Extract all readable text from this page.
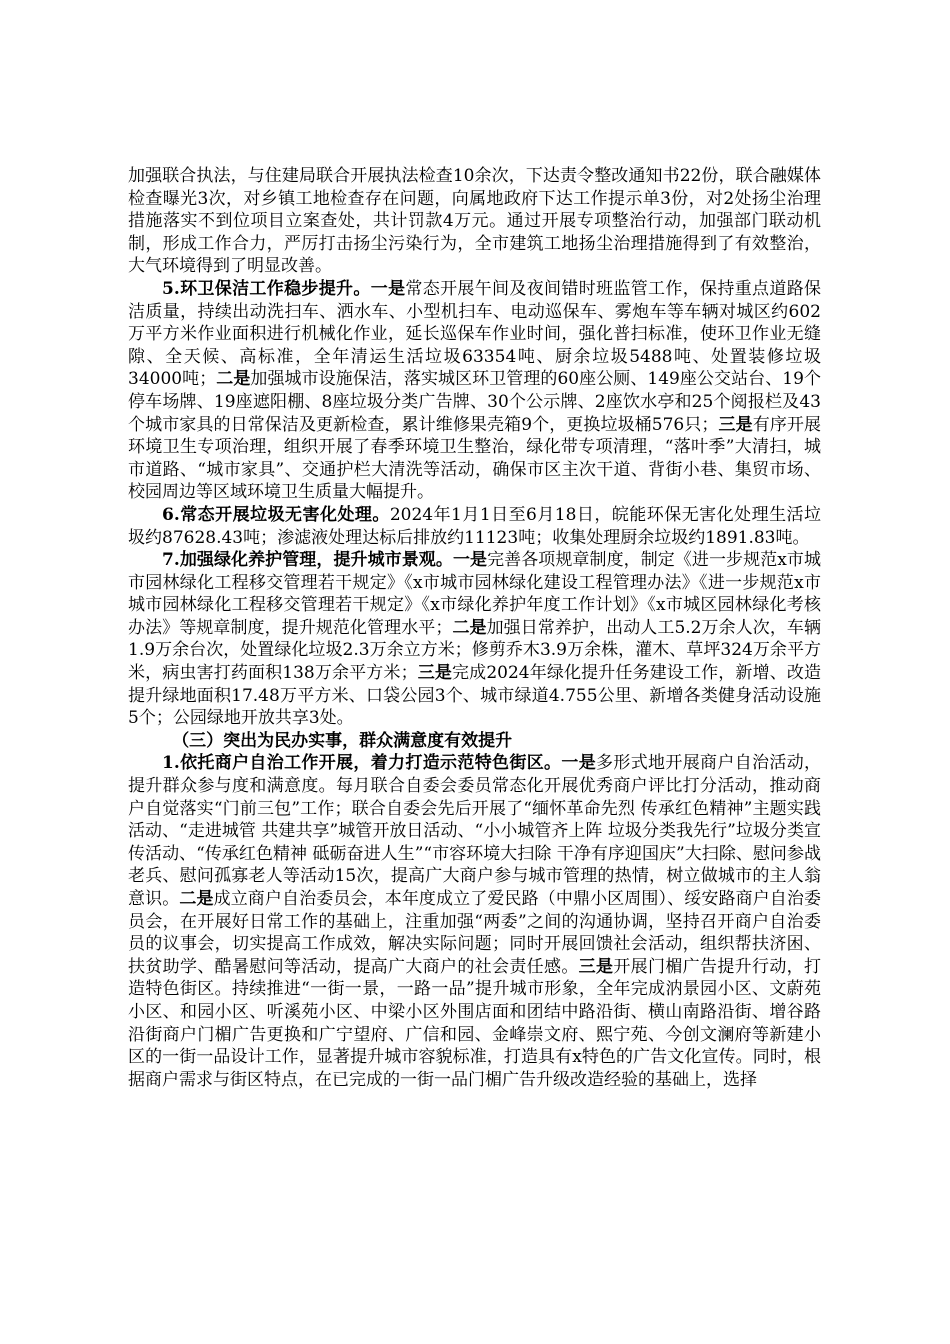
加强联合执法，与住建局联合开展执法检查10余次，下达责令整改通知书22份，联合融媒体检查曝光3次，对乡镇工地检查存在问题，向属地政府下达工作提示单3份，对2处扬尘治理措施落实不到位项目立案查处，共计罚款4万元。通过开展专项整治行动，加强部门联动机制，形成工作合力，严厉打击扬尘污染行为，全市建筑工地扬尘治理措施得到了有效整治，大气环境得到了明显改善。

5.环卫保洁工作稳步提升。一是常态开展午间及夜间错时班监管工作，保持重点道路保洁质量，持续出动洗扫车、洒水车、小型机扫车、电动巡保车、雾炮车等车辆对城区约602万平方米作业面积进行机械化作业，延长巡保车作业时间，强化普扫标准，使环卫作业无缝隙、全天候、高标准，全年清运生活垃圾63354吨、厨余垃圾5488吨、处置装修垃圾34000吨；二是加强城市设施保洁，落实城区环卫管理的60座公厕、149座公交站台、19个停车场牌、19座遮阳棚、8座垃圾分类广告牌、30个公示牌、2座饮水亭和25个阅报栏及43个城市家具的日常保洁及更新检查，累计维修果壳箱9个，更换垃圾桶576只；三是有序开展环境卫生专项治理，组织开展了春季环境卫生整治，绿化带专项清理，“落叶季”大清扫，城市道路、“城市家具”、交通护栏大清洗等活动，确保市区主次干道、背街小巷、集贸市场、校园周边等区域环境卫生质量大幅提升。

6.常态开展垃圾无害化处理。2024年1月1日至6月18日，皖能环保无害化处理生活垃圾约87628.43吨；渗滤液处理达标后排放约11123吨；收集处理厨余垃圾约1891.83吨。

7.加强绿化养护管理，提升城市景观。一是完善各项规章制度，制定《进一步规范x市城市园林绿化工程移交管理若干规定》《x市城市园林绿化建设工程管理办法》《进一步规范x市城市园林绿化工程移交管理若干规定》《x市绿化养护年度工作计划》《x市城区园林绿化考核办法》等规章制度，提升规范化管理水平；二是加强日常养护，出动人工5.2万余人次，车辆1.9万余台次，处置绿化垃圾2.3万余立方米；修剪乔木3.9万余株，灌木、草坪324万余平方米，病虫害打药面积138万余平方米；三是完成2024年绿化提升任务建设工作，新增、改造提升绿地面积17.48万平方米、口袋公园3个、城市绿道4.755公里、新增各类健身活动设施5个；公园绿地开放共享3处。

（三）突出为民办实事，群众满意度有效提升

1.依托商户自治工作开展，着力打造示范特色街区。一是多形式地开展商户自治活动，提升群众参与度和满意度。每月联合自委会委员常态化开展优秀商户评比打分活动，推动商户自觉落实“门前三包”工作；联合自委会先后开展了“缅怀革命先烈 传承红色精神”主题实践活动、“走进城管 共建共享”城管开放日活动、“小小城管齐上阵 垃圾分类我先行”垃圾分类宣传活动、“传承红色精神 砥砺奋进人生”“市容环境大扫除 干净有序迎国庆”大扫除、慰问参战老兵、慰问孤寡老人等活动15次，提高广大商户参与城市管理的热情，树立做城市的主人翁意识。二是成立商户自治委员会，本年度成立了爱民路（中鼎小区周围）、绥安路商户自治委员会，在开展好日常工作的基础上，注重加强“两委”之间的沟通协调，坚持召开商户自治委员的议事会，切实提高工作成效，解决实际问题；同时开展回馈社会活动，组织帮扶济困、扶贫助学、酷暑慰问等活动，提高广大商户的社会责任感。三是开展门楣广告提升行动，打造特色街区。持续推进“一街一景，一路一品”提升城市形象，全年完成汭景园小区、文蔚苑小区、和园小区、听溪苑小区、中梁小区外围店面和团结中路沿街、横山南路沿街、增谷路沿街商户门楣广告更换和广宁望府、广信和园、金峰崇文府、熙宁苑、今创文澜府等新建小区的一街一品设计工作，显著提升城市容貌标准，打造具有x特色的广告文化宣传。同时，根据商户需求与街区特点，在已完成的一街一品门楣广告升级改造经验的基础上，选择
